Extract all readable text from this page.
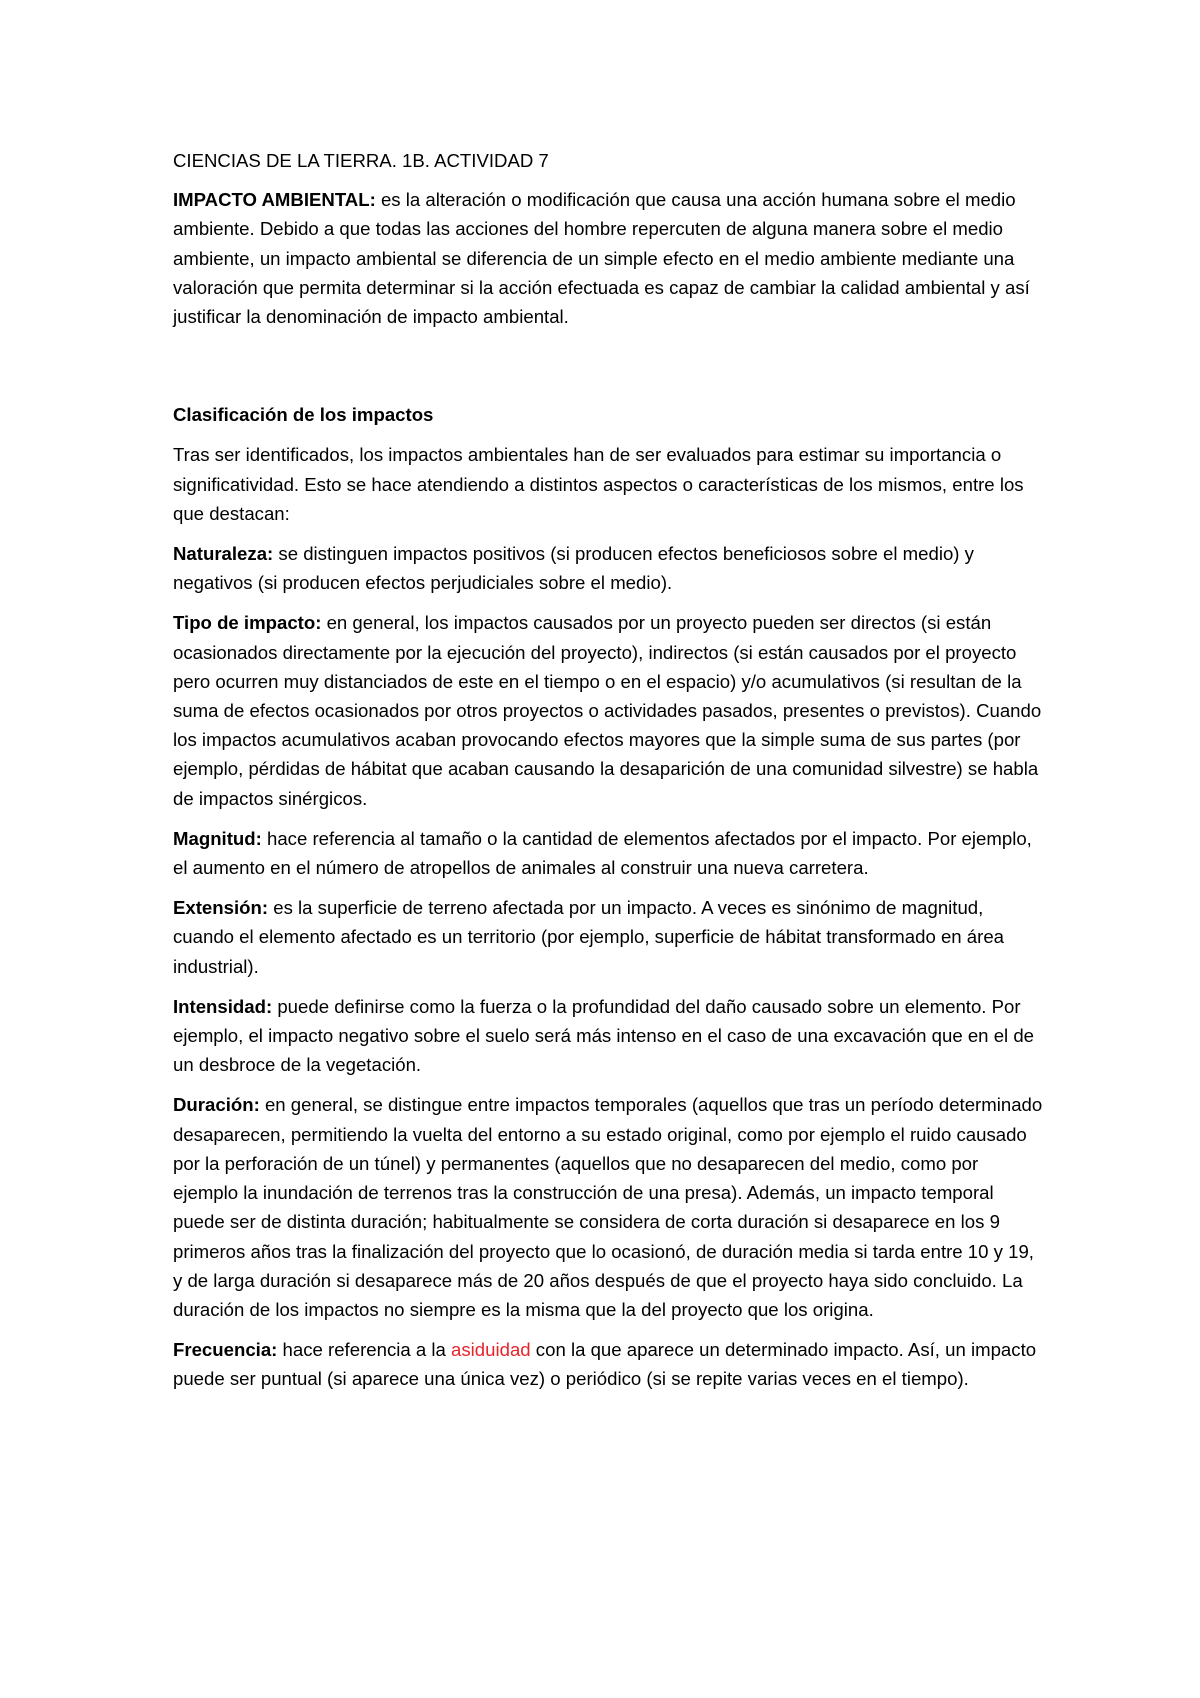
CIENCIAS DE LA TIERRA. 1B. ACTIVIDAD 7

IMPACTO AMBIENTAL: es la alteración o modificación que causa una acción humana sobre el medio ambiente. Debido a que todas las acciones del hombre repercuten de alguna manera sobre el medio ambiente, un impacto ambiental se diferencia de un simple efecto en el medio ambiente mediante una valoración que permita determinar si la acción efectuada es capaz de cambiar la calidad ambiental y así justificar la denominación de impacto ambiental.

Clasificación de los impactos

Tras ser identificados, los impactos ambientales han de ser evaluados para estimar su importancia o significatividad. Esto se hace atendiendo a distintos aspectos o características de los mismos, entre los que destacan:

Naturaleza: se distinguen impactos positivos (si producen efectos beneficiosos sobre el medio) y negativos (si producen efectos perjudiciales sobre el medio).

Tipo de impacto: en general, los impactos causados por un proyecto pueden ser directos (si están ocasionados directamente por la ejecución del proyecto), indirectos (si están causados por el proyecto pero ocurren muy distanciados de este en el tiempo o en el espacio) y/o acumulativos (si resultan de la suma de efectos ocasionados por otros proyectos o actividades pasados, presentes o previstos). Cuando los impactos acumulativos acaban provocando efectos mayores que la simple suma de sus partes (por ejemplo, pérdidas de hábitat que acaban causando la desaparición de una comunidad silvestre) se habla de impactos sinérgicos.

Magnitud: hace referencia al tamaño o la cantidad de elementos afectados por el impacto. Por ejemplo, el aumento en el número de atropellos de animales al construir una nueva carretera.

Extensión: es la superficie de terreno afectada por un impacto. A veces es sinónimo de magnitud, cuando el elemento afectado es un territorio (por ejemplo, superficie de hábitat transformado en área industrial).

Intensidad: puede definirse como la fuerza o la profundidad del daño causado sobre un elemento. Por ejemplo, el impacto negativo sobre el suelo será más intenso en el caso de una excavación que en el de un desbroce de la vegetación.

Duración: en general, se distingue entre impactos temporales (aquellos que tras un período determinado desaparecen, permitiendo la vuelta del entorno a su estado original, como por ejemplo el ruido causado por la perforación de un túnel) y permanentes (aquellos que no desaparecen del medio, como por ejemplo la inundación de terrenos tras la construcción de una presa). Además, un impacto temporal puede ser de distinta duración; habitualmente se considera de corta duración si desaparece en los 9 primeros años tras la finalización del proyecto que lo ocasionó, de duración media si tarda entre 10 y 19, y de larga duración si desaparece más de 20 años después de que el proyecto haya sido concluido. La duración de los impactos no siempre es la misma que la del proyecto que los origina.

Frecuencia: hace referencia a la asiduidad con la que aparece un determinado impacto. Así, un impacto puede ser puntual (si aparece una única vez) o periódico (si se repite varias veces en el tiempo).
